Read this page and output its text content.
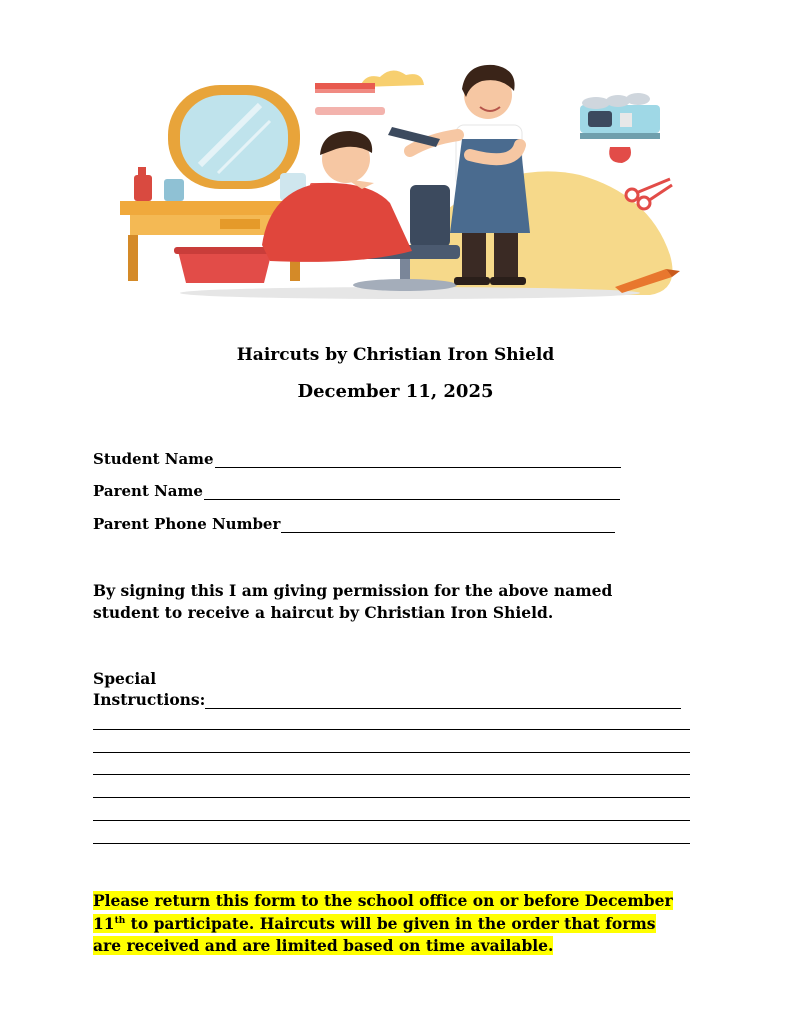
Haircuts by Christian Iron Shield
December 11, 2025
Student Name
Parent Name
Parent Phone Number
By signing this I am giving permission for the above named
student to receive a haircut by Christian Iron Shield.
Special
Instructions:
Please return this form to the school office on or before December
11th to participate. Haircuts will be given in the order that forms
are received and are limited based on time available.
